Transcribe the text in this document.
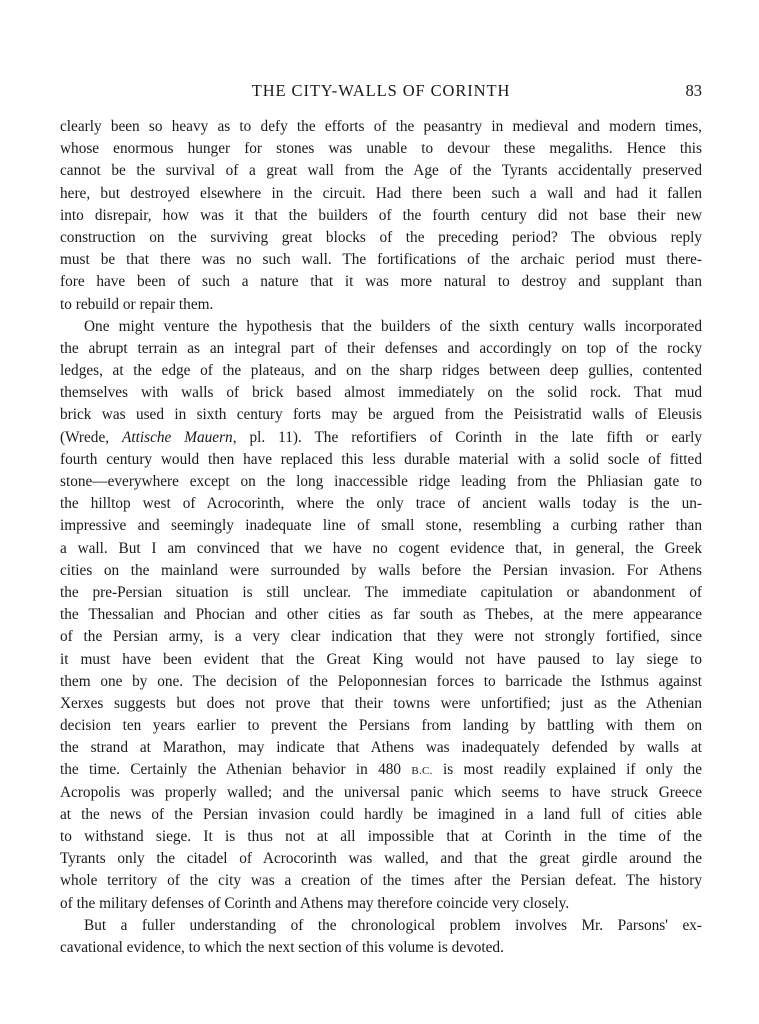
THE CITY-WALLS OF CORINTH	83
clearly been so heavy as to defy the efforts of the peasantry in medieval and modern times,
whose enormous hunger for stones was unable to devour these megaliths. Hence this
cannot be the survival of a great wall from the Age of the Tyrants accidentally preserved
here, but destroyed elsewhere in the circuit. Had there been such a wall and had it fallen
into disrepair, how was it that the builders of the fourth century did not base their new
construction on the surviving great blocks of the preceding period? The obvious reply
must be that there was no such wall. The fortifications of the archaic period must there-
fore have been of such a nature that it was more natural to destroy and supplant than
to rebuild or repair them.
One might venture the hypothesis that the builders of the sixth century walls incorporated
the abrupt terrain as an integral part of their defenses and accordingly on top of the rocky
ledges, at the edge of the plateaus, and on the sharp ridges between deep gullies, contented
themselves with walls of brick based almost immediately on the solid rock. That mud
brick was used in sixth century forts may be argued from the Peisistratid walls of Eleusis
(Wrede, Attische Mauern, pl. 11). The refortifiers of Corinth in the late fifth or early
fourth century would then have replaced this less durable material with a solid socle of fitted
stone—everywhere except on the long inaccessible ridge leading from the Phliasian gate to
the hilltop west of Acrocorinth, where the only trace of ancient walls today is the un-
impressive and seemingly inadequate line of small stone, resembling a curbing rather than
a wall. But I am convinced that we have no cogent evidence that, in general, the Greek
cities on the mainland were surrounded by walls before the Persian invasion. For Athens
the pre-Persian situation is still unclear. The immediate capitulation or abandonment of
the Thessalian and Phocian and other cities as far south as Thebes, at the mere appearance
of the Persian army, is a very clear indication that they were not strongly fortified, since
it must have been evident that the Great King would not have paused to lay siege to
them one by one. The decision of the Peloponnesian forces to barricade the Isthmus against
Xerxes suggests but does not prove that their towns were unfortified; just as the Athenian
decision ten years earlier to prevent the Persians from landing by battling with them on
the strand at Marathon, may indicate that Athens was inadequately defended by walls at
the time. Certainly the Athenian behavior in 480 B.C. is most readily explained if only the
Acropolis was properly walled; and the universal panic which seems to have struck Greece
at the news of the Persian invasion could hardly be imagined in a land full of cities able
to withstand siege. It is thus not at all impossible that at Corinth in the time of the
Tyrants only the citadel of Acrocorinth was walled, and that the great girdle around the
whole territory of the city was a creation of the times after the Persian defeat. The history
of the military defenses of Corinth and Athens may therefore coincide very closely.
But a fuller understanding of the chronological problem involves Mr. Parsons' ex-
cavational evidence, to which the next section of this volume is devoted.
